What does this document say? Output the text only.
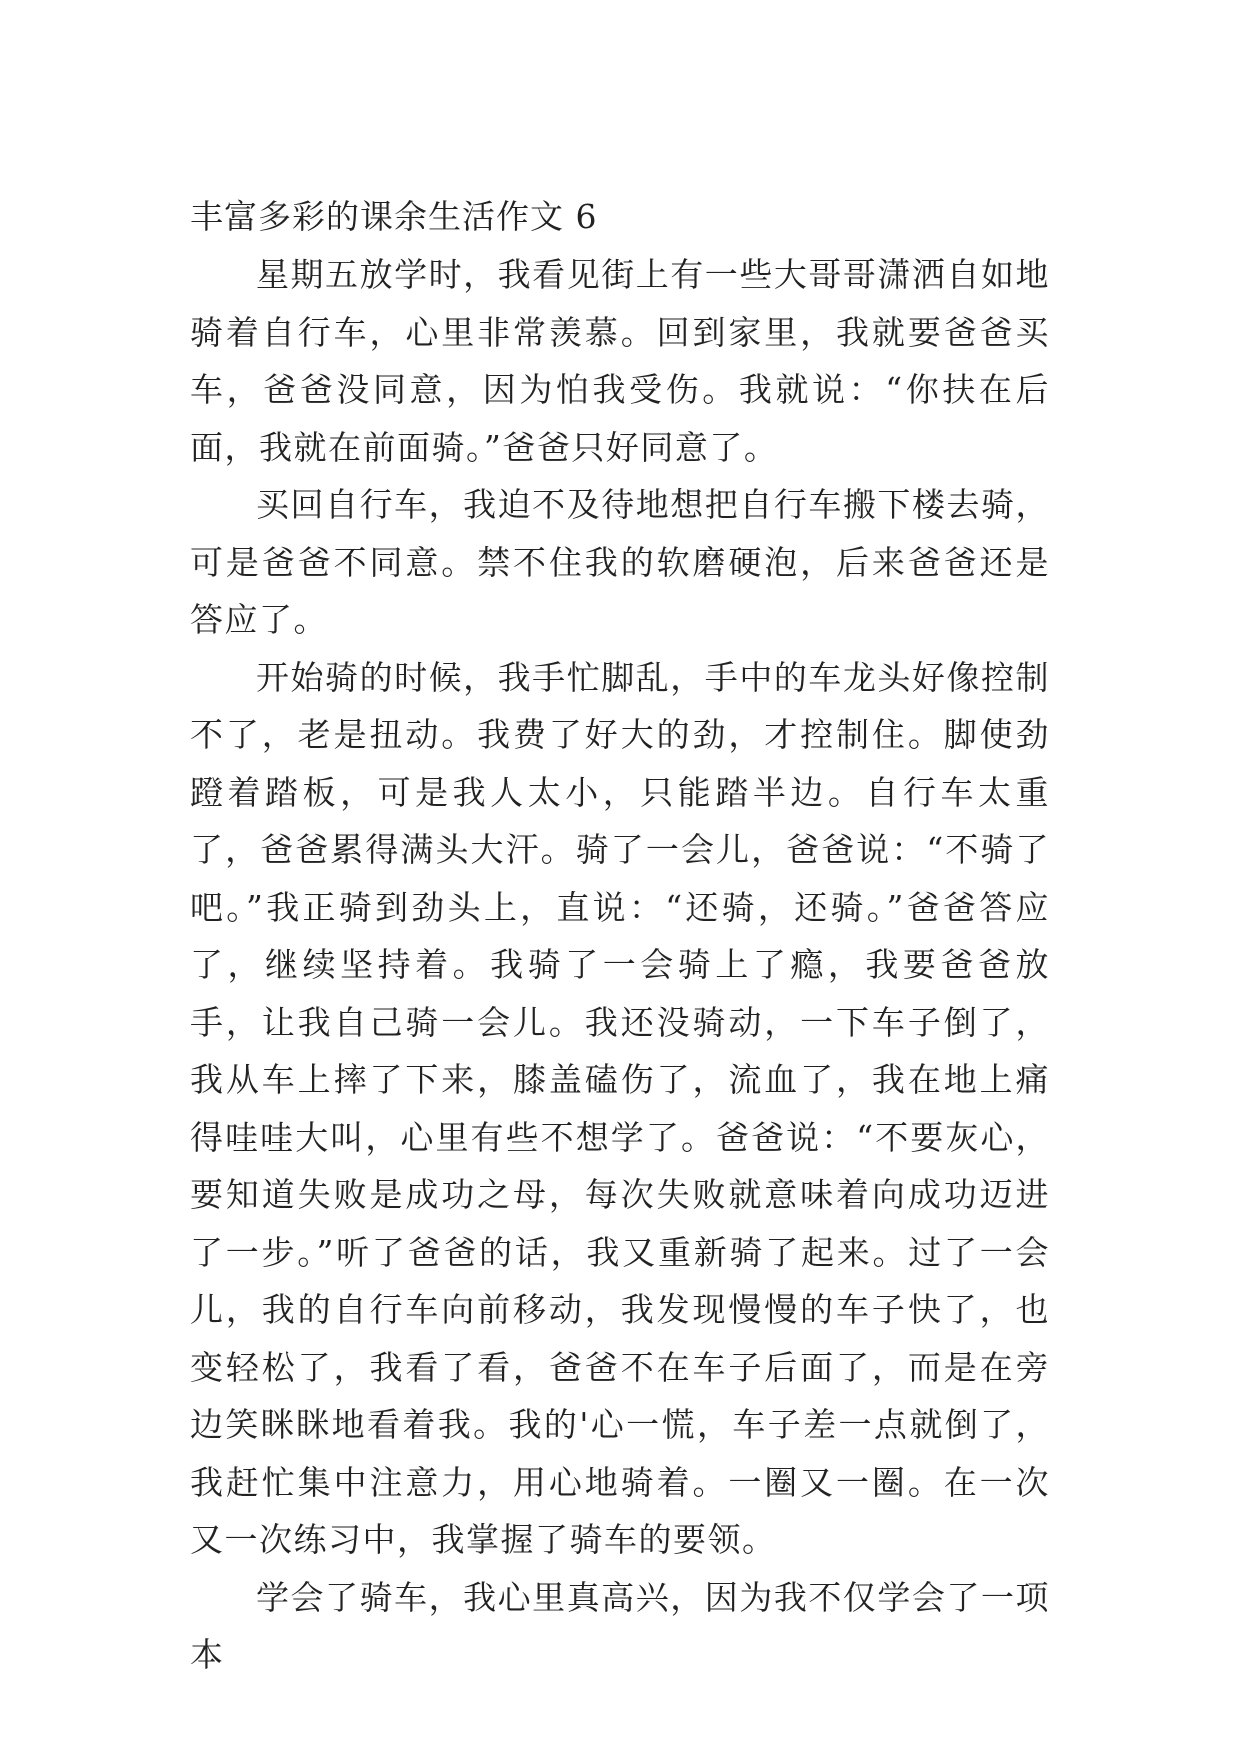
丰富多彩的课余生活作文 6

星期五放学时，我看见街上有一些大哥哥潇洒自如地骑着自行车，心里非常羡慕。回到家里，我就要爸爸买车，爸爸没同意，因为怕我受伤。我就说：“你扶在后面，我就在前面骑。”爸爸只好同意了。

买回自行车，我迫不及待地想把自行车搬下楼去骑，可是爸爸不同意。禁不住我的软磨硬泡，后来爸爸还是答应了。

开始骑的时候，我手忙脚乱，手中的车龙头好像控制不了，老是扭动。我费了好大的劲，才控制住。脚使劲蹬着踏板，可是我人太小，只能踏半边。自行车太重了，爸爸累得满头大汗。骑了一会儿，爸爸说：“不骑了吧。”我正骑到劲头上，直说：“还骑，还骑。”爸爸答应了，继续坚持着。我骑了一会骑上了瘾，我要爸爸放手，让我自己骑一会儿。我还没骑动，一下车子倒了，我从车上摔了下来，膝盖磕伤了，流血了，我在地上痛得哇哇大叫，心里有些不想学了。爸爸说：“不要灰心，要知道失败是成功之母，每次失败就意味着向成功迈进了一步。”听了爸爸的话，我又重新骑了起来。过了一会儿，我的自行车向前移动，我发现慢慢的车子快了，也变轻松了，我看了看，爸爸不在车子后面了，而是在旁边笑眯眯地看着我。我的'心一慌，车子差一点就倒了，我赶忙集中注意力，用心地骑着。一圈又一圈。在一次又一次练习中，我掌握了骑车的要领。

学会了骑车，我心里真高兴，因为我不仅学会了一项本
